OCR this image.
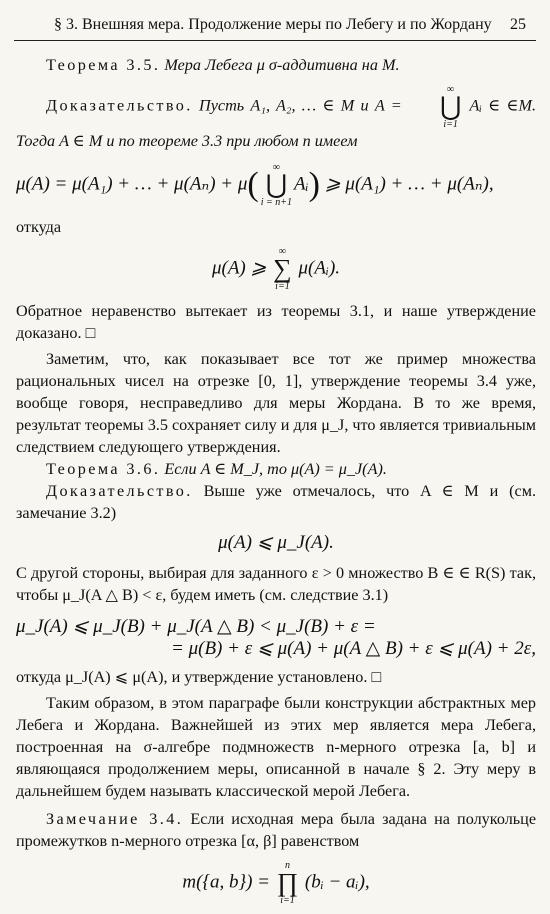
§ 3. Внешняя мера. Продолжение меры по Лебегу и по Жордану 25

Теорема 3.5. Мера Лебега μ σ-аддитивна на M.

Доказательство. Пусть A₁, A₂, … ∈ M и A =
∞
⋃
i=1
Aᵢ ∈ ∈M. Тогда A ∈ M и по теореме 3.3 при любом n имеем

μ(A) = μ(A₁) + … + μ(Aₙ) + μ( ∞
⋃
i = n+1
Aᵢ) ⩾ μ(A₁) + … + μ(Aₙ),

откуда

μ(A) ⩾
∞
∑
i=1
μ(Aᵢ).

Обратное неравенство вытекает из теоремы 3.1, и наше утверждение доказано. □

Заметим, что, как показывает все тот же пример множества рациональных чисел на отрезке [0, 1], утверждение теоремы 3.4 уже, вообще говоря, несправедливо для меры Жордана. В то же время, результат теоремы 3.5 сохраняет силу и для μ_J, что является тривиальным следствием следующего утверждения.

Теорема 3.6. Если A ∈ M_J, то μ(A) = μ_J(A).

Доказательство. Выше уже отмечалось, что A ∈ M и (см. замечание 3.2)

μ(A) ⩽ μ_J(A).

С другой стороны, выбирая для заданного ε > 0 множество B ∈ ∈ R(S) так, чтобы μ_J(A △ B) < ε, будем иметь (см. следствие 3.1)

μ_J(A) ⩽ μ_J(B) + μ_J(A △ B) < μ_J(B) + ε =
= μ(B) + ε ⩽ μ(A) + μ(A △ B) + ε ⩽ μ(A) + 2ε,

откуда μ_J(A) ⩽ μ(A), и утверждение установлено. □

Таким образом, в этом параграфе были конструкции абстрактных мер Лебега и Жордана. Важнейшей из этих мер является мера Лебега, построенная на σ-алгебре подмножеств n-мерного отрезка [a, b] и являющаяся продолжением меры, описанной в начале § 2. Эту меру в дальнейшем будем называть классической мерой Лебега.

Замечание 3.4. Если исходная мера была задана на полукольце промежутков n-мерного отрезка [α, β] равенством

m({a, b}) =
n
∏
i=1
(bᵢ − aᵢ),
